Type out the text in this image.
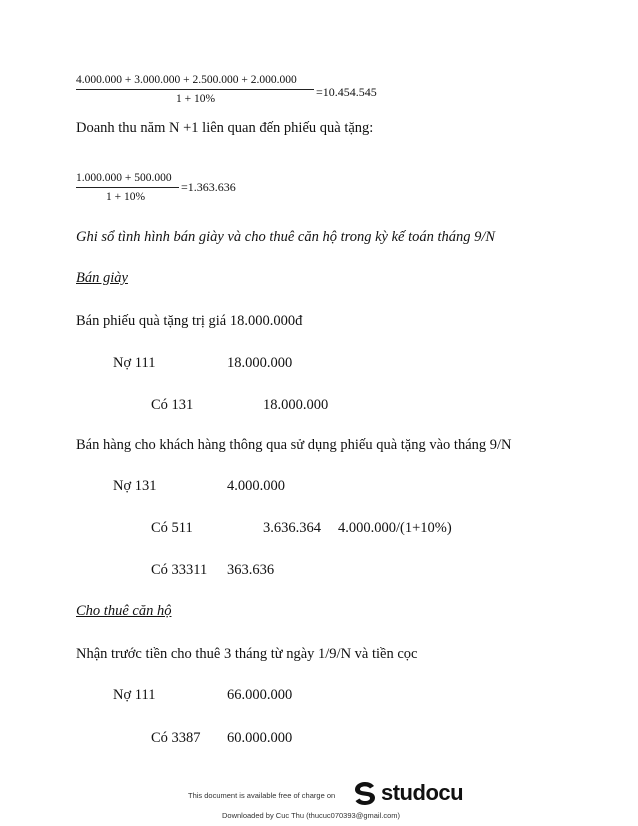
4.000.000 + 3.000.000 + 2.500.000 + 2.000.000
1 + 10%	=10.454.545
Doanh thu năm N +1 liên quan đến phiếu quà tặng:
1.000.000 + 500.000
1 + 10%
=1.363.636
Ghi sổ tình hình bán giày và cho thuê căn hộ trong kỳ kế toán tháng 9/N
Bán giày
Bán phiếu quà tặng trị giá 18.000.000đ
Nợ 111	18.000.000
Có 131	18.000.000
Bán hàng cho khách hàng thông qua sử dụng phiếu quà tặng vào tháng 9/N
Nợ 131	4.000.000
Có 511	3.636.364 4.000.000/(1+10%)
Có 33311 363.636
Cho thuê căn hộ
Nhận trước tiền cho thuê 3 tháng từ ngày 1/9/N và tiền cọc
Nợ 111	66.000.000
Có 3387 60.000.000
This document is available free of charge on studocu
Downloaded by Cuc Thu (thucuc070393@gmail.com)
